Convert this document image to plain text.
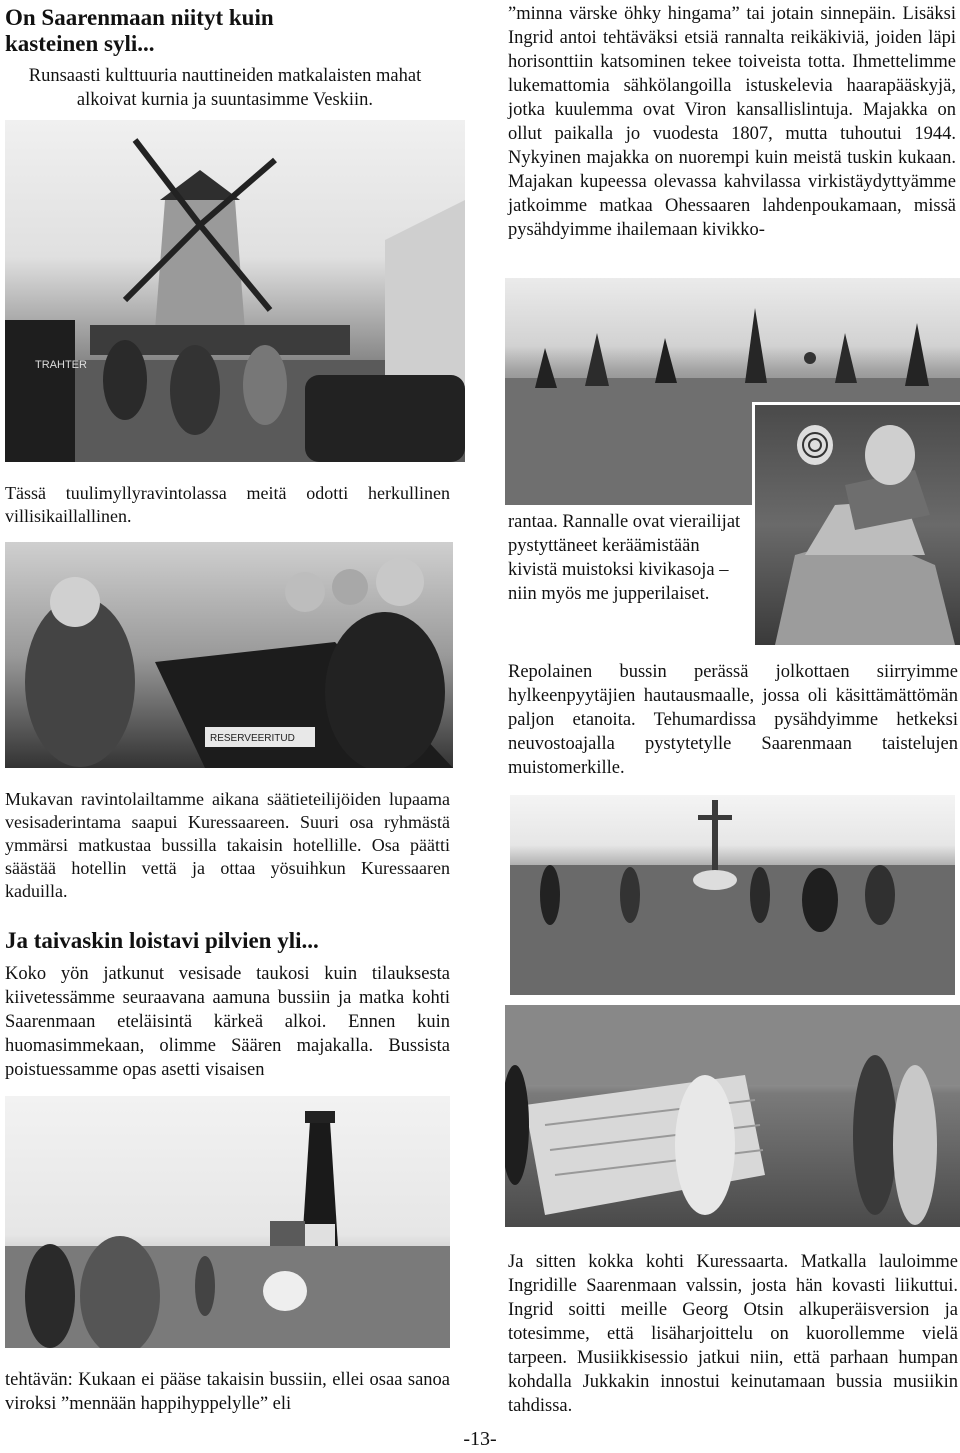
On Saarenmaan niityt kuin kasteinen syli...

Runsaasti kulttuuria nauttineiden matkalaisten mahat alkoivat kurnia ja suuntasimme Veskiin.

TRAHTER

Tässä tuulimyllyravintolassa meitä odotti herkullinen villisikaillallinen.

RESERVEERITUD

Mukavan ravintolailtamme aikana säätieteilijöiden lupaama vesisaderintama saapui Kuressaareen. Suuri osa ryhmästä ymmärsi matkustaa bussilla takaisin hotellille. Osa päätti säästää hotellin vettä ja ottaa yösuihkun Kuressaaren kaduilla.

Ja taivaskin loistavi pilvien yli...

Koko yön jatkunut vesisade taukosi kuin tilauksesta kiivetessämme seuraavana aamuna bussiin ja matka kohti Saarenmaan eteläisintä kärkeä alkoi. Ennen kuin huomasimmekaan, olimme Säären majakalla. Bussista poistuessamme opas asetti visaisen

tehtävän: Kukaan ei pääse takaisin bussiin, ellei osaa sanoa viroksi ”mennään happihyppelylle” eli

”minna värske öhky hingama” tai jotain sinnepäin. Lisäksi Ingrid antoi tehtäväksi etsiä rannalta reikäkiviä, joiden läpi horisonttiin katsominen tekee toiveista totta. Ihmettelimme lukemattomia sähkölangoilla istuskelevia haarapääskyjä, jotka kuulemma ovat Viron kansallislintuja. Majakka on ollut paikalla jo vuodesta 1807, mutta tuhoutui 1944. Nykyinen majakka on nuorempi kuin meistä tuskin kukaan. Majakan kupeessa olevassa kahvilassa virkistäydyttyämme jatkoimme matkaa Ohessaaren lahdenpoukamaan, missä pysähdyimme ihailemaan kivikko-

rantaa. Rannalle ovat vierailijat pystyttäneet keräämistään kivistä muistoksi kivikasoja – niin myös me jupperilaiset.

Repolainen bussin perässä jolkottaen siirryimme hylkeenpyytäjien hautausmaalle, jossa oli käsittämättömän paljon etanoita. Tehumardissa pysähdyimme hetkeksi neuvostoajalla pystytetylle Saarenmaan taistelujen muistomerkille.

Ja sitten kokka kohti Kuressaarta. Matkalla lauloimme Ingridille Saarenmaan valssin, josta hän kovasti liikuttui. Ingrid soitti meille Georg Otsin alkuperäisversion ja totesimme, että lisäharjoittelu on kuorollemme vielä tarpeen. Musiikkisessio jatkui niin, että parhaan humpan kohdalla Jukkakin innostui keinutamaan bussia musiikin tahdissa.

-13-
